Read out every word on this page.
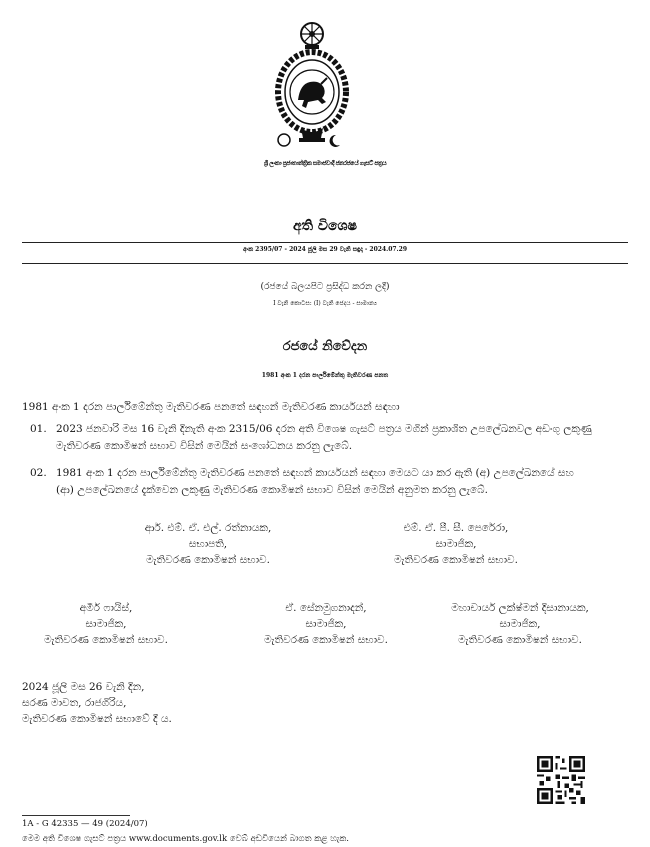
ශ්‍රී ලංකා ප්‍රජාතාන්ත්‍රික සමාජවාදී ජනරජයේ ගැසට් පත්‍රය
අති විශෙෂ
අංක 2395/07 - 2024 ජූලි මස 29 වැනි සඳුදා - 2024.07.29
(රජයේ බලයපිට ප්‍රසිද්ධ කරන ලදී)
I වැනි කොටස: (I) වැනි ජෙදය - සාමාන්‍ය
රජයේ නිවේදන
1981 අංක 1 දරන පාර්ලිමේන්තු මැතිවරණ පනත
1981 අංක 1 දරන පාර්ලිමේන්තු මැතිවරණ පනතේ සඳහන් මැතිවරණ කාර්යයන් සඳහා
01. 2023 ජනවාරි මස 16 වැනි දිනැති අංක 2315/06 දරන අති විශෙෂ ගැසට් පත්‍රය මගින් ප්‍රකාශිත උපලේඛනවල අඩංගු ලකුණු
මැතිවරණ කොමිෂන් සභාව විසින් මෙයින් සංශෝධනය කරනු ලැබේ.
02. 1981 අංක 1 දරන පාර්ලිමේන්තු මැතිවරණ පනතේ සඳහන් කාර්යයන් සඳහා මෙයට යා කර ඇති (අ) උපලේඛනයේ සහ
(ආ) උපලේඛනයේ දැක්වෙන ලකුණු මැතිවරණ කොමිෂන් සභාව විසින් මෙයින් අනුමත කරනු ලැබේ.
ආර්. එම්. ඒ. එල්. රත්නායක,
සභාපති,
මැතිවරණ කොමිෂන් සභාව.
එම්. ඒ. පී. සී. පෙරේරා,
සාමාජික,
මැතිවරණ කොමිෂන් සභාව.
අමීර් ෆායිස්,
සාමාජික,
මැතිවරණ කොමිෂන් සභාව.
ඒ. සේනමුගනාදන්,
සාමාජික,
මැතිවරණ කොමිෂන් සභාව.
මහාචාර්ය ලක්ෂ්මන් දිසානායක,
සාමාජික,
මැතිවරණ කොමිෂන් සභාව.
2024 ජූලි මස 26 වැනි දින,
සරණ මාවත, රාජගිරිය,
මැතිවරණ කොමිෂන් සභාවේ දී ය.
1A - G 42335 — 49 (2024/07)
මෙම අති විශෙෂ ගැසට් පත්‍රය www.documents.gov.lk වෙබ් අඩවියෙන් බාගත කළ හැක.
